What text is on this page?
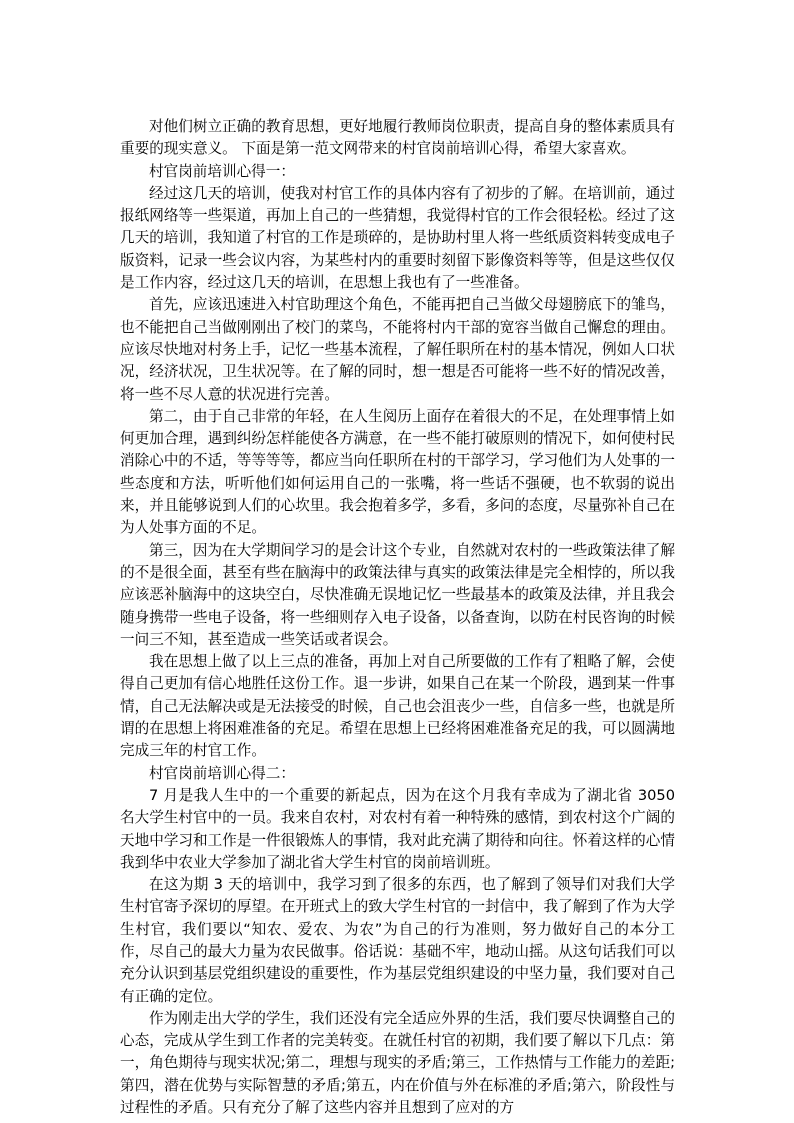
对他们树立正确的教育思想，更好地履行教师岗位职责，提高自身的整体素质具有重要的现实意义。 下面是第一范文网带来的村官岗前培训心得，希望大家喜欢。

村官岗前培训心得一：

经过这几天的培训，使我对村官工作的具体内容有了初步的了解。在培训前，通过报纸网络等一些渠道，再加上自己的一些猜想，我觉得村官的工作会很轻松。经过了这几天的培训，我知道了村官的工作是琐碎的，是协助村里人将一些纸质资料转变成电子版资料，记录一些会议内容，为某些村内的重要时刻留下影像资料等等，但是这些仅仅是工作内容，经过这几天的培训，在思想上我也有了一些准备。

首先，应该迅速进入村官助理这个角色，不能再把自己当做父母翅膀底下的雏鸟，也不能把自己当做刚刚出了校门的菜鸟，不能将村内干部的宽容当做自己懈怠的理由。应该尽快地对村务上手，记忆一些基本流程，了解任职所在村的基本情况，例如人口状况，经济状况，卫生状况等。在了解的同时，想一想是否可能将一些不好的情况改善，将一些不尽人意的状况进行完善。

第二，由于自己非常的年轻，在人生阅历上面存在着很大的不足，在处理事情上如何更加合理，遇到纠纷怎样能使各方满意，在一些不能打破原则的情况下，如何使村民消除心中的不适，等等等等，都应当向任职所在村的干部学习，学习他们为人处事的一些态度和方法，听听他们如何运用自己的一张嘴，将一些话不强硬，也不软弱的说出来，并且能够说到人们的心坎里。我会抱着多学，多看，多问的态度，尽量弥补自己在为人处事方面的不足。

第三，因为在大学期间学习的是会计这个专业，自然就对农村的一些政策法律了解的不是很全面，甚至有些在脑海中的政策法律与真实的政策法律是完全相悖的，所以我应该恶补脑海中的这块空白，尽快准确无误地记忆一些最基本的政策及法律，并且我会随身携带一些电子设备，将一些细则存入电子设备，以备查询，以防在村民咨询的时候一问三不知，甚至造成一些笑话或者误会。

我在思想上做了以上三点的准备，再加上对自己所要做的工作有了粗略了解，会使得自己更加有信心地胜任这份工作。退一步讲，如果自己在某一个阶段，遇到某一件事情，自己无法解决或是无法接受的时候，自己也会沮丧少一些，自信多一些，也就是所谓的在思想上将困难准备的充足。希望在思想上已经将困难准备充足的我，可以圆满地完成三年的村官工作。

村官岗前培训心得二：

7 月是我人生中的一个重要的新起点，因为在这个月我有幸成为了湖北省 3050 名大学生村官中的一员。我来自农村，对农村有着一种特殊的感情，到农村这个广阔的天地中学习和工作是一件很锻炼人的事情，我对此充满了期待和向往。怀着这样的心情我到华中农业大学参加了湖北省大学生村官的岗前培训班。

在这为期 3 天的培训中，我学习到了很多的东西，也了解到了领导们对我们大学生村官寄予深切的厚望。在开班式上的致大学生村官的一封信中，我了解到了作为大学生村官，我们要以“知农、爱农、为农”为自己的行为准则，努力做好自己的本分工作，尽自己的最大力量为农民做事。俗话说：基础不牢，地动山摇。从这句话我们可以充分认识到基层党组织建设的重要性，作为基层党组织建设的中坚力量，我们要对自己有正确的定位。

作为刚走出大学的学生，我们还没有完全适应外界的生活，我们要尽快调整自己的心态，完成从学生到工作者的完美转变。在就任村官的初期，我们要了解以下几点：第一，角色期待与现实状况;第二，理想与现实的矛盾;第三，工作热情与工作能力的差距;第四，潜在优势与实际智慧的矛盾;第五，内在价值与外在标准的矛盾;第六，阶段性与过程性的矛盾。只有充分了解了这些内容并且想到了应对的方
